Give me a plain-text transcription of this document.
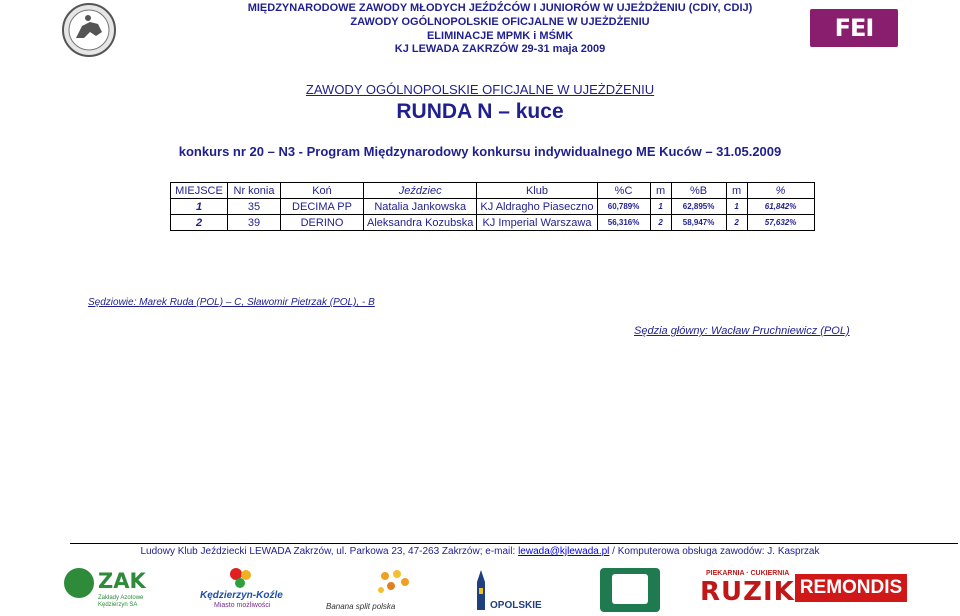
MIĘDZYNARODOWE ZAWODY MŁODYCH JEŹDŹCÓW I JUNIORÓW W UJEŻDŻENIU (CDIY, CDIJ)
ZAWODY OGÓLNOPOLSKIE OFICJALNE W UJEŻDŻENIU
ELIMINACJE MPMK i MŚMK
KJ LEWADA ZAKRZÓW 29-31 maja 2009
FEI
ZAWODY OGÓLNOPOLSKIE OFICJALNE W UJEŻDŻENIU
RUNDA N – kuce
konkurs nr 20 – N3 - Program Międzynarodowy konkursu indywidualnego ME Kuców – 31.05.2009
MIEJSCE	Nr konia	Koń	Jeździec	Klub	%C	m	%B	m	%
1	35	DECIMA PP	Natalia Jankowska	KJ Aldragho Piaseczno	60,789%	1	62,895%	1	61,842%
2	39	DERINO	Aleksandra Kozubska	KJ Imperial Warszawa	56,316%	2	58,947%	2	57,632%
Sędziowie: Marek Ruda (POL) – C, Sławomir Pietrzak (POL), - B
Sędzia główny: Wacław Pruchniewicz (POL)
Ludowy Klub Jeździecki LEWADA Zakrzów, ul. Parkowa 23, 47-263 Zakrzów; e-mail: lewada@kjlewada.pl / Komputerowa obsługa zawodów: J. Kasprzak
ZAK
Zakłady Azotowe
Kędzierzyn SA
Kędzierzyn-Koźle
Miasto możliwości	Banana split polska	OPOLSKIE
PIEKARNIA · CUKIERNIA
RUZIK REMONDIS
